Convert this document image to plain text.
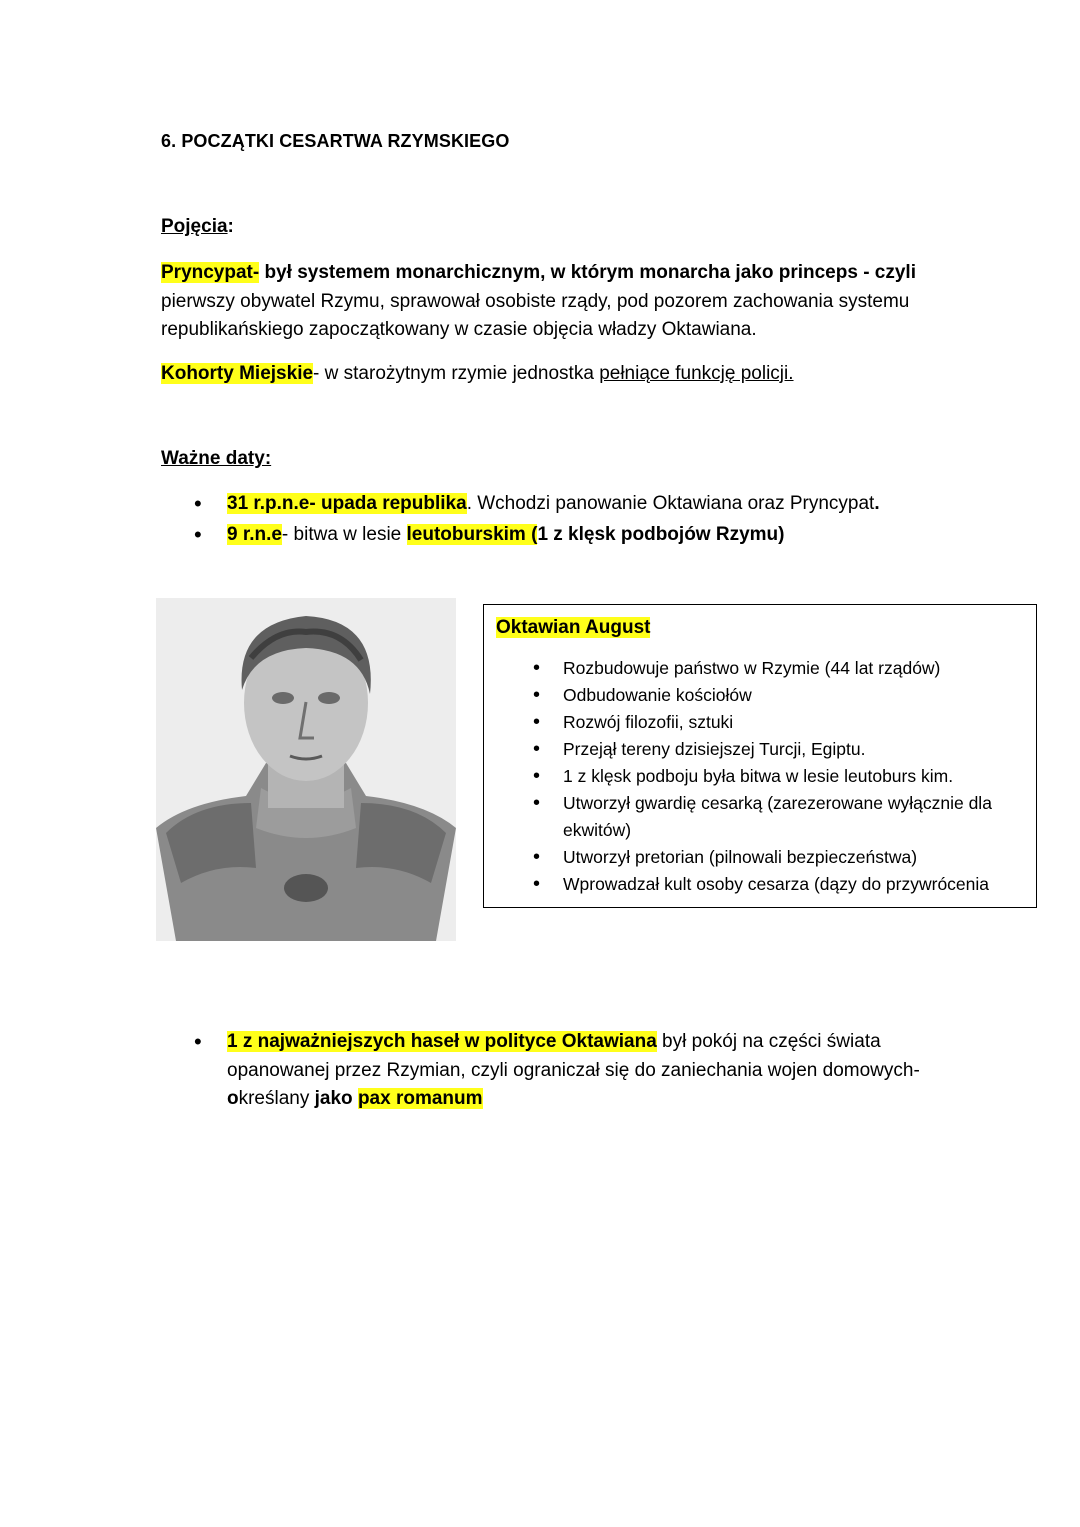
6. POCZĄTKI CESARTWA RZYMSKIEGO
Pojęcia:
Pryncypat- był systemem monarchicznym, w którym monarcha jako princeps - czyli pierwszy obywatel Rzymu, sprawował osobiste rządy, pod pozorem zachowania systemu republikańskiego zapoczątkowany w czasie objęcia władzy Oktawiana.
Kohorty Miejskie- w starożytnym rzymie jednostka pełniące funkcję policji.
Ważne daty:
• 31 r.p.n.e- upada republika. Wchodzi panowanie Oktawiana oraz Pryncypat.
• 9 r.n.e- bitwa w lesie leutoburskim (1 z klęsk podbojów Rzymu)
Oktawian August
• Rozbudowuje państwo w Rzymie (44 lat rządów)
• Odbudowanie kościołów
• Rozwój filozofii, sztuki
• Przejął tereny dzisiejszej Turcji, Egiptu.
• 1 z klęsk podboju była bitwa w lesie leutoburs kim.
• Utworzył gwardię cesarką (zarezerowane wyłącznie dla ekwitów)
• Utworzył pretorian (pilnowali bezpieczeństwa)
• Wprowadzał kult osoby cesarza (dązy do przywrócenia
• 1 z najważniejszych haseł w polityce Oktawiana był pokój na części świata opanowanej przez Rzymian, czyli ograniczał się do zaniechania wojen domowych- określany jako pax romanum
